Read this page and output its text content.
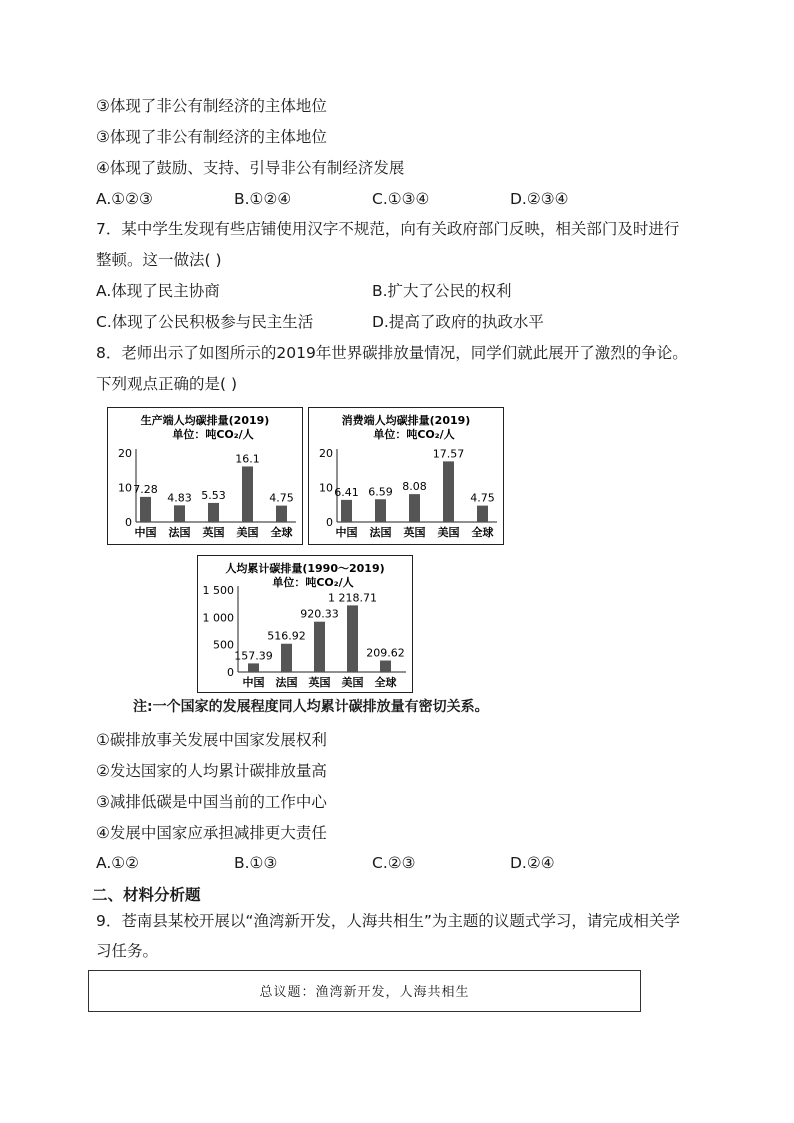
③体现了非公有制经济的主体地位
③体现了非公有制经济的主体地位
④体现了鼓励、支持、引导非公有制经济发展
A.①②③	B.①②④	C.①③④	D.②③④
7．某中学生发现有些店铺使用汉字不规范，向有关政府部门反映，相关部门及时进行
整顿。这一做法( )
A.体现了民主协商	B.扩大了公民的权利
C.体现了公民积极参与民主生活	D.提高了政府的执政水平
8．老师出示了如图所示的2019年世界碳排放量情况，同学们就此展开了激烈的争论。
下列观点正确的是( )
生产端人均碳排量(2019)
单位：吨CO₂/人
0
10
20
7.28
中国
4.83
法国
5.53
英国
16.1
美国
4.75
全球
消费端人均碳排量(2019)
单位：吨CO₂/人
0
10
20
6.41
中国
6.59
法国
8.08
英国
17.57
美国
4.75
全球
人均累计碳排量(1990～2019)
单位：吨CO₂/人
0
500
1 000
1 500
157.39
中国
516.92
法国
920.33
英国
1 218.71
美国
209.62
全球
注:一个国家的发展程度同人均累计碳排放量有密切关系。
①碳排放事关发展中国家发展权利
②发达国家的人均累计碳排放量高
③减排低碳是中国当前的工作中心
④发展中国家应承担减排更大责任
A.①②	B.①③	C.②③	D.②④
二、材料分析题
9．苍南县某校开展以“渔湾新开发，人海共相生”为主题的议题式学习，请完成相关学
习任务。
总议题：渔湾新开发，人海共相生
